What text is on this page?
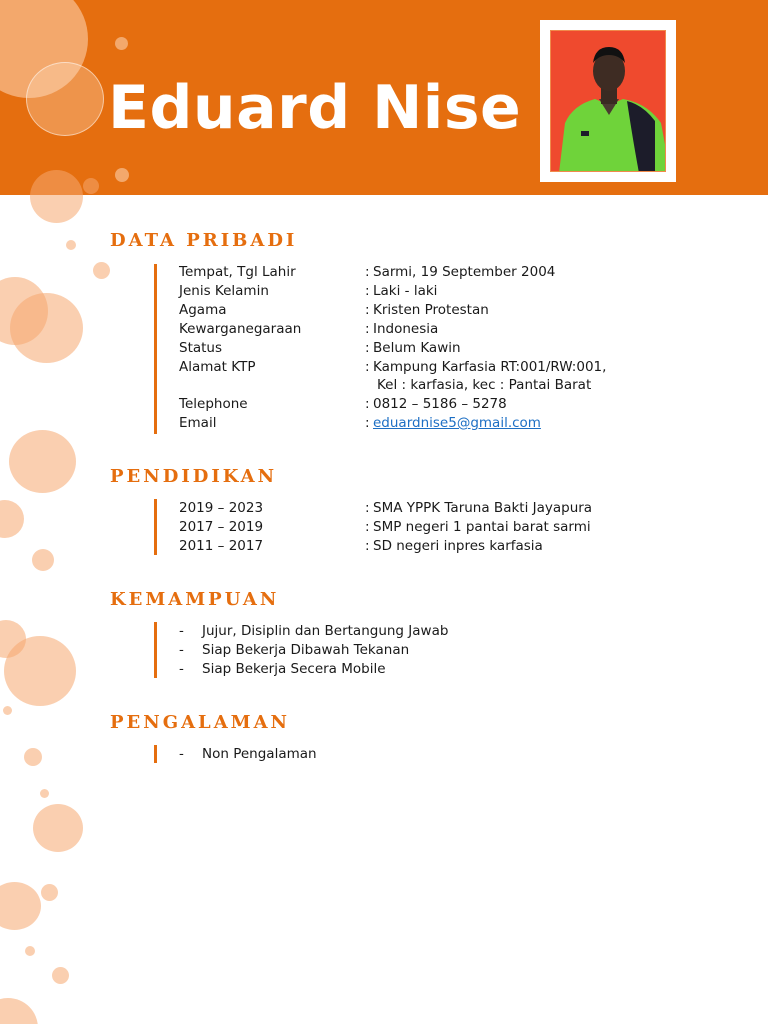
Eduard Nise
DATA PRIBADI
Tempat, Tgl Lahir	: Sarmi, 19 September 2004
Jenis Kelamin	: Laki - laki
Agama	: Kristen Protestan
Kewarganegaraan	: Indonesia
Status	: Belum Kawin
Alamat KTP	: Kampung Karfasia RT:001/RW:001,
Kel : karfasia, kec : Pantai Barat
Telephone	: 0812 – 5186 – 5278
Email	: eduardnise5@gmail.com
PENDIDIKAN
2019 – 2023	: SMA YPPK Taruna Bakti Jayapura
2017 – 2019	: SMP negeri 1 pantai barat sarmi
2011 – 2017	: SD negeri inpres karfasia
KEMAMPUAN
- Jujur, Disiplin dan Bertangung Jawab
- Siap Bekerja Dibawah Tekanan
- Siap Bekerja Secera Mobile
PENGALAMAN
- Non Pengalaman
